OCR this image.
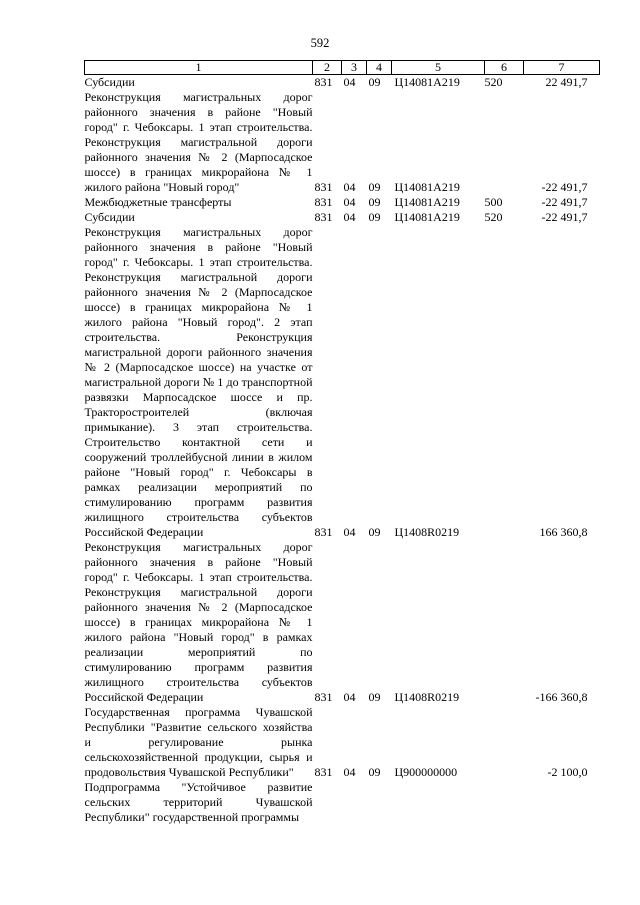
592
1	2	3	4	5	6	7
Субсидии	831	04	09	Ц14081A219	520	22 491,7
Реконструкция магистральных дорог районного значения в районе "Новый город" г. Чебоксары. 1 этап строительства. Реконструкция магистральной дороги районного значения № 2 (Марпосадское шоссе) в границах микрорайона № 1 жилого района "Новый город"	831	04	09	Ц14081A219		-22 491,7
Межбюджетные трансферты	831	04	09	Ц14081A219	500	-22 491,7
Субсидии	831	04	09	Ц14081A219	520	-22 491,7
Реконструкция магистральных дорог районного значения в районе "Новый город" г. Чебоксары. 1 этап строительства. Реконструкция магистральной дороги районного значения № 2 (Марпосадское шоссе) в границах микрорайона № 1 жилого района "Новый город". 2 этап строительства. Реконструкция магистральной дороги районного значения № 2 (Марпосадское шоссе) на участке от магистральной дороги № 1 до транспортной развязки Марпосадское шоссе и пр. Тракторостроителей (включая примыкание). 3 этап строительства. Строительство контактной сети и сооружений троллейбусной линии в жилом районе "Новый город" г. Чебоксары в рамках реализации мероприятий по стимулированию программ развития жилищного строительства субъектов Российской Федерации	831	04	09	Ц1408R0219		166 360,8
Реконструкция магистральных дорог районного значения в районе "Новый город" г. Чебоксары. 1 этап строительства. Реконструкция магистральной дороги районного значения № 2 (Марпосадское шоссе) в границах микрорайона № 1 жилого района "Новый город" в рамках реализации мероприятий по стимулированию программ развития жилищного строительства субъектов Российской Федерации	831	04	09	Ц1408R0219		-166 360,8
Государственная программа Чувашской Республики "Развитие сельского хозяйства и регулирование рынка сельскохозяйственной продукции, сырья и продовольствия Чувашской Республики"	831	04	09	Ц900000000		-2 100,0
Подпрограмма "Устойчивое развитие сельских территорий Чувашской Республики" государственной программы						
